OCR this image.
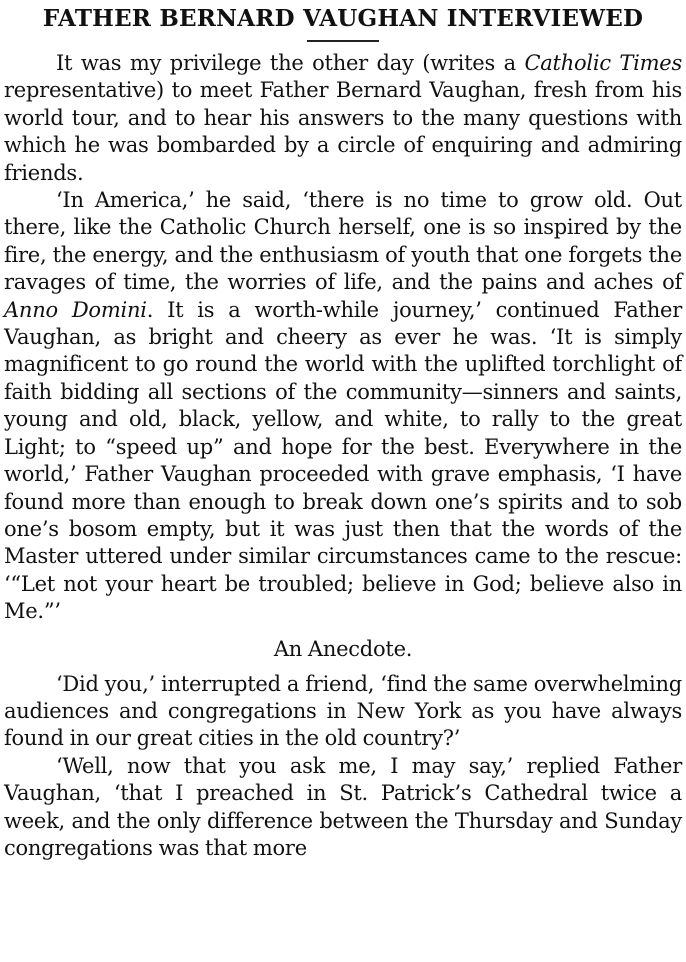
FATHER BERNARD VAUGHAN INTERVIEWED

It was my privilege the other day (writes a Catholic Times representative) to meet Father Bernard Vaughan, fresh from his world tour, and to hear his answers to the many questions with which he was bombarded by a circle of enquiring and admiring friends.

‘In America,’ he said, ‘there is no time to grow old. Out there, like the Catholic Church herself, one is so inspired by the fire, the energy, and the enthusiasm of youth that one forgets the ravages of time, the worries of life, and the pains and aches of Anno Domini. It is a worth-while journey,’ continued Father Vaughan, as bright and cheery as ever he was. ‘It is simply magnificent to go round the world with the uplifted torchlight of faith bidding all sections of the community—sinners and saints, young and old, black, yellow, and white, to rally to the great Light; to “speed up” and hope for the best. Everywhere in the world,’ Father Vaughan proceeded with grave emphasis, ‘I have found more than enough to break down one’s spirits and to sob one’s bosom empty, but it was just then that the words of the Master uttered under similar circumstances came to the rescue: ‘“Let not your heart be troubled; believe in God; believe also in Me.”’

An Anecdote.

‘Did you,’ interrupted a friend, ‘find the same overwhelming audiences and congregations in New York as you have always found in our great cities in the old country?’

‘Well, now that you ask me, I may say,’ replied Father Vaughan, ‘that I preached in St. Patrick’s Cathedral twice a week, and the only difference between the Thursday and Sunday congregations was that more
